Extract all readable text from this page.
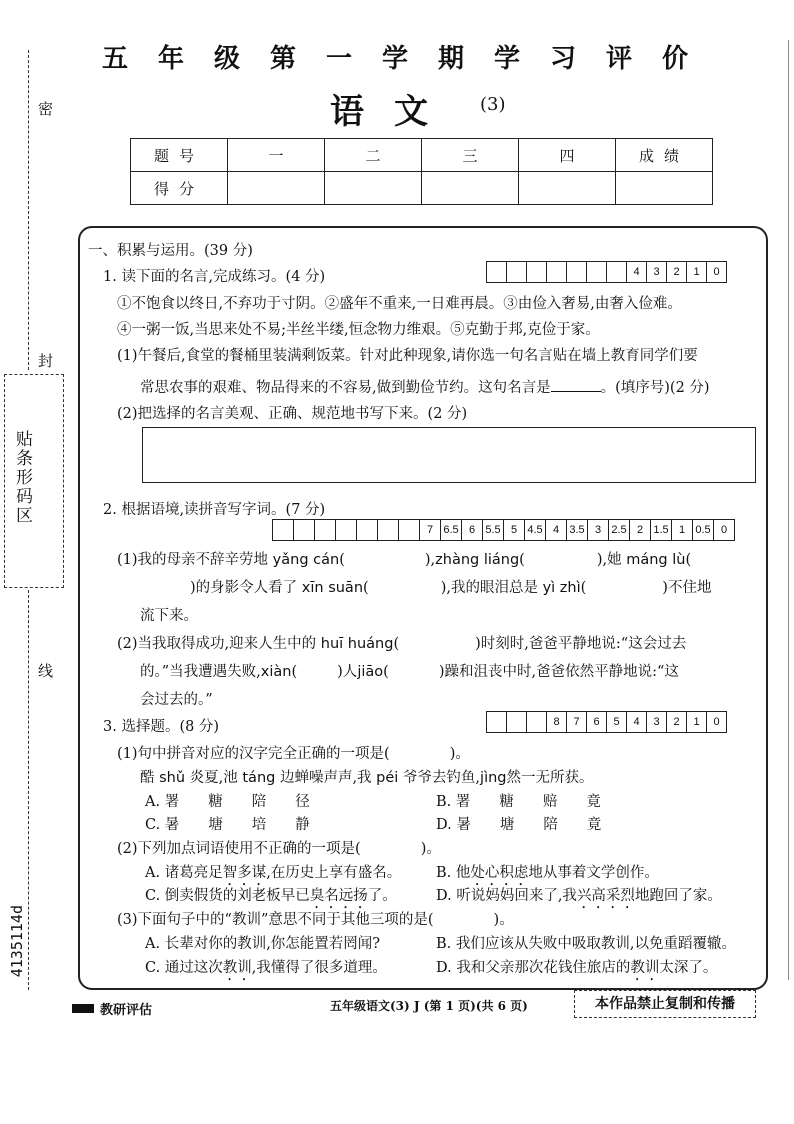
五年级第一学期学习评价
语文 (3)
题号	一	二	三	四	成绩
得分					
密
封
线
贴条形码区
4135114d
一、积累与运用。(39 分)
1. 读下面的名言,完成练习。(4 分)	4	3	2	1	0
①不饱食以终日,不弃功于寸阴。②盛年不重来,一日难再晨。③由俭入奢易,由奢入俭难。
④一粥一饭,当思来处不易;半丝半缕,恒念物力维艰。⑤克勤于邦,克俭于家。
(1)午餐后,食堂的餐桶里装满剩饭菜。针对此种现象,请你选一句名言贴在墙上教育同学们要
常思农事的艰难、物品得来的不容易,做到勤俭节约。这句名言是	。(填序号)(2 分)
(2)把选择的名言美观、正确、规范地书写下来。(2 分)
2. 根据语境,读拼音写字词。(7 分)
7 6.5 6 5.5 5 4.5 4 3.5 3 2.5 2 1.5 1 0.5 0
(1)我的母亲不辞辛劳地 yǎng cán(	),zhàng liáng(	),她 máng lù(
)的身影令人看了 xīn suān(	),我的眼泪总是 yì zhì(	)不住地
流下来。
(2)当我取得成功,迎来人生中的 huī huáng(	)时刻时,爸爸平静地说:“这会过去
的。”当我遭遇失败,xiàn(	)人jiāo(	)躁和沮丧中时,爸爸依然平静地说:“这
会过去的。”
3. 选择题。(8 分)	8	7	6	5	4	3	2	1	0
(1)句中拼音对应的汉字完全正确的一项是(	)。
酷 shǔ 炎夏,池 táng 边蝉噪声声,我 péi 爷爷去钓鱼,jìng然一无所获。
A. 署　　糖　　陪　　径	B. 署　　糖　　赔　　竟
C. 暑　　塘　　培　　静	D. 暑　　塘　　陪　　竟
(2)下列加点词语使用不正确的一项是(	)。
A. 诸葛亮足智多谋,在历史上享有盛名。 B. 他处心积虑地从事着文学创作。
C. 倒卖假货的刘老板早已臭名远扬了。	D. 听说妈妈回来了,我兴高采烈地跑回了家。
(3)下面句子中的“教训”意思不同于其他三项的是(	)。
A. 长辈对你的教训,你怎能置若罔闻?	B. 我们应该从失败中吸取教训,以免重蹈覆辙。
C. 通过这次教训,我懂得了很多道理。	D. 我和父亲那次花钱住旅店的教训太深了。
教研评估	五年级语文(3) J (第 1 页)(共 6 页)	本作品禁止复制和传播
